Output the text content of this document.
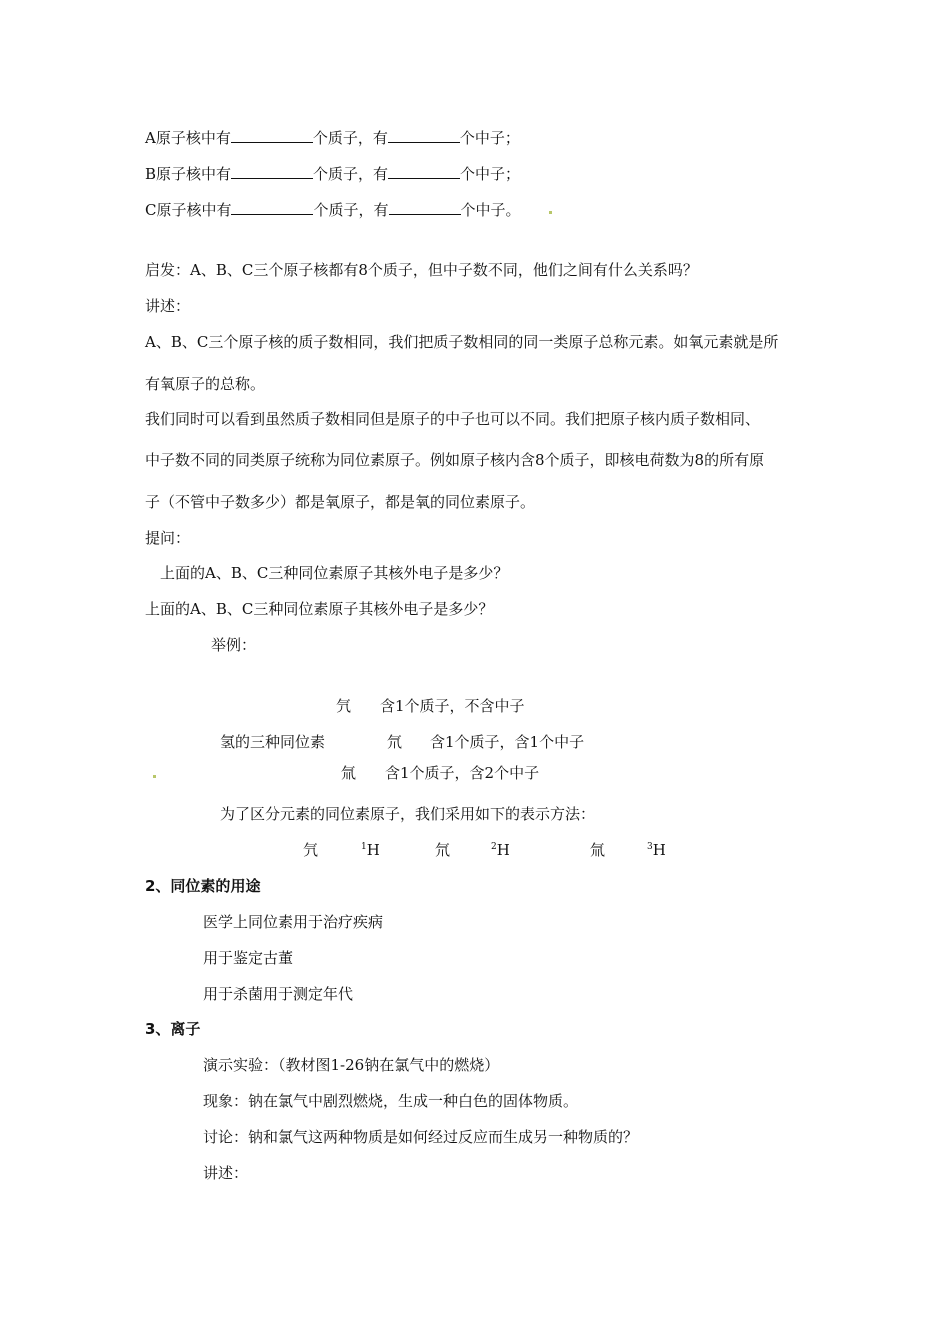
A原子核中有	个质子，有	个中子；
B原子核中有	个质子，有	个中子；
C原子核中有	个质子，有	个中子。
启发：A、B、C三个原子核都有8个质子，但中子数不同，他们之间有什么关系吗？
讲述：
A、B、C三个原子核的质子数相同，我们把质子数相同的同一类原子总称元素。如氧元素就是所
有氧原子的总称。
我们同时可以看到虽然质子数相同但是原子的中子也可以不同。我们把原子核内质子数相同、
中子数不同的同类原子统称为同位素原子。例如原子核内含8个质子，即核电荷数为8的所有原
子（不管中子数多少）都是氧原子，都是氧的同位素原子。
提问：
上面的A、B、C三种同位素原子其核外电子是多少？
上面的A、B、C三种同位素原子其核外电子是多少？
举例：
氕 含1个质子，不含中子
氢的三种同位素	氘 含1个质子，含1个中子
氚 含1个质子，含2个中子
为了区分元素的同位素原子，我们采用如下的表示方法：
氕	$^1$H	氘	$^2$H	氚	$^3$H
2、同位素的用途
医学上同位素用于治疗疾病
用于鉴定古董
用于杀菌用于测定年代
3、离子
演示实验：（教材图1-26钠在氯气中的燃烧）
现象：钠在氯气中剧烈燃烧，生成一种白色的固体物质。
讨论：钠和氯气这两种物质是如何经过反应而生成另一种物质的？
讲述：
